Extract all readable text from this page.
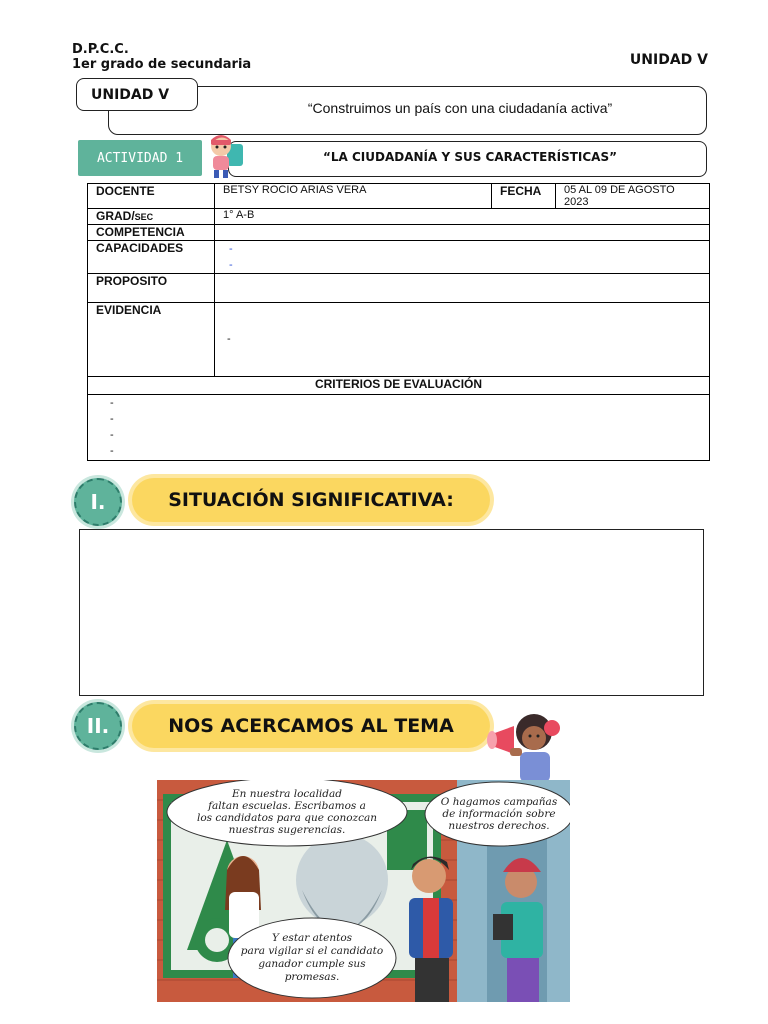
D.P.C.C.
1er grado de secundaria	UNIDAD V
UNIDAD V
“Construimos un país con una ciudadanía activa”
ACTIVIDAD 1	“LA CIUDADANÍA Y SUS CARACTERÍSTICAS”
DOCENTE	BETSY ROCIO ARIAS VERA	FECHA	05 AL 09 DE AGOSTO 2023
GRAD/SEC	1° A-B		
COMPETENCIA			
CAPACIDADES	-
-		

PROPOSITO			
EVIDENCIA	-		
CRITERIOS DE EVALUACIÓN			

-
-
-
-			
I.	SITUACIÓN SIGNIFICATIVA:
II.	NOS ACERCAMOS AL TEMA
En nuestra localidad
faltan escuelas. Escribamos a
los candidatos para que conozcan
nuestras sugerencias.
O hagamos campañas
de información sobre
nuestros derechos.
Y estar atentos
para vigilar si el candidato
ganador cumple sus
promesas.
